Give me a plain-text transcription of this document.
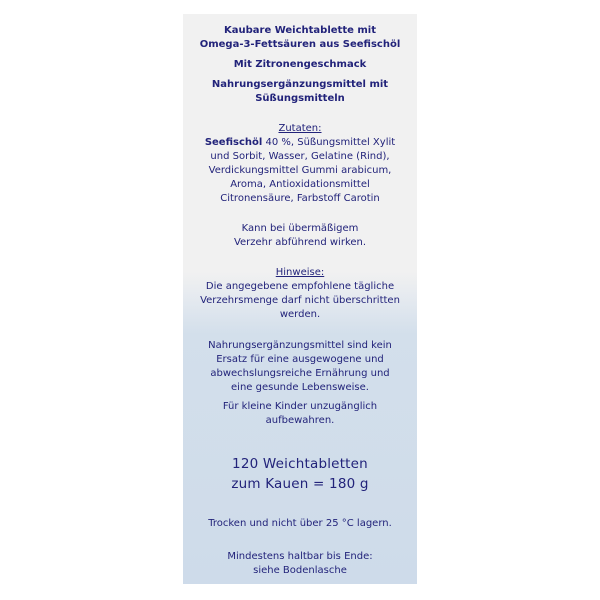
Kaubare Weichtablette mit

Omega-3-Fettsäuren aus Seefischöl

Mit Zitronengeschmack

Nahrungsergänzungsmittel mit

Süßungsmitteln

Zutaten:

Seefischöl 40 %, Süßungsmittel Xylit

und Sorbit, Wasser, Gelatine (Rind),

Verdickungsmittel Gummi arabicum,

Aroma, Antioxidationsmittel

Citronensäure, Farbstoff Carotin

Kann bei übermäßigem

Verzehr abführend wirken.

Hinweise:

Die angegebene empfohlene tägliche

Verzehrsmenge darf nicht überschritten

werden.

Nahrungsergänzungsmittel sind kein

Ersatz für eine ausgewogene und

abwechslungsreiche Ernährung und

eine gesunde Lebensweise.

Für kleine Kinder unzugänglich

aufbewahren.

120 Weichtabletten

zum Kauen = 180 g

Trocken und nicht über 25 °C lagern.

Mindestens haltbar bis Ende:

siehe Bodenlasche
